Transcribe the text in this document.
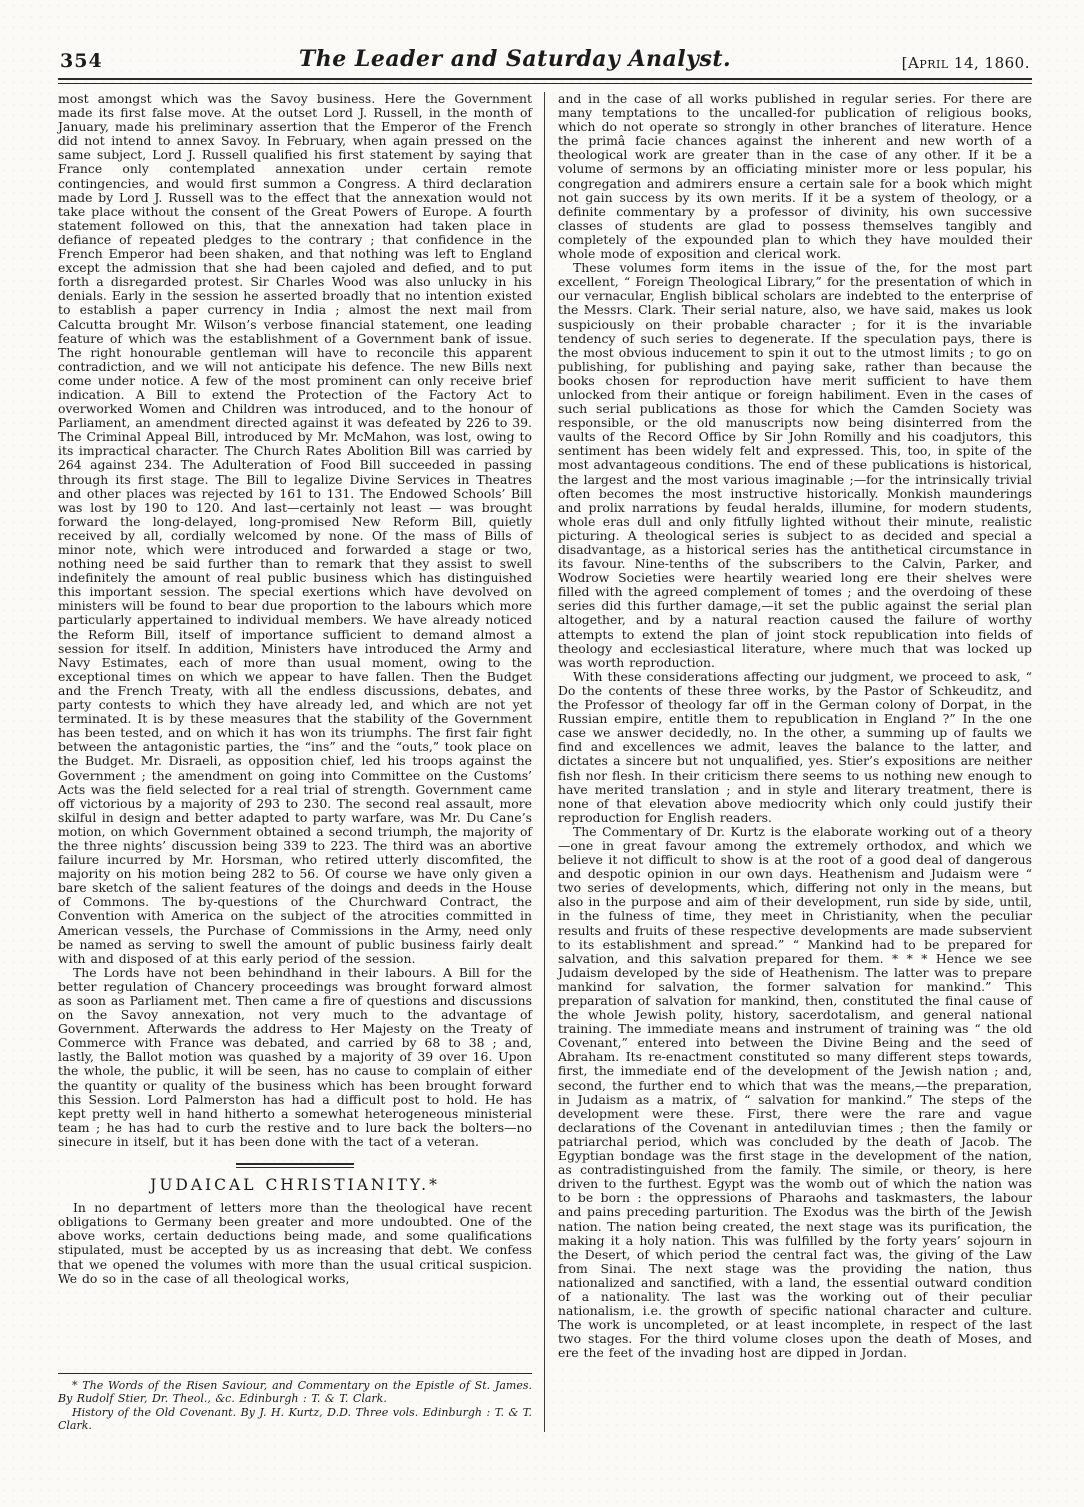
354	The Leader and Saturday Analyst.	[April 14, 1860.

most amongst which was the Savoy business. Here the Government made its first false move. At the outset Lord J. Russell, in the month of January, made his preliminary assertion that the Emperor of the French did not intend to annex Savoy. In February, when again pressed on the same subject, Lord J. Russell qualified his first statement by saying that France only contemplated annexation under certain remote contingencies, and would first summon a Congress. A third declaration made by Lord J. Russell was to the effect that the annexation would not take place without the consent of the Great Powers of Europe. A fourth statement followed on this, that the annexation had taken place in defiance of repeated pledges to the contrary ; that confidence in the French Emperor had been shaken, and that nothing was left to England except the admission that she had been cajoled and defied, and to put forth a disregarded protest. Sir Charles Wood was also unlucky in his denials. Early in the session he asserted broadly that no intention existed to establish a paper currency in India ; almost the next mail from Calcutta brought Mr. Wilson’s verbose financial statement, one leading feature of which was the establishment of a Government bank of issue. The right honourable gentleman will have to reconcile this apparent contradiction, and we will not anticipate his defence. The new Bills next come under notice. A few of the most prominent can only receive brief indication. A Bill to extend the Protection of the Factory Act to overworked Women and Children was introduced, and to the honour of Parliament, an amendment directed against it was defeated by 226 to 39. The Criminal Appeal Bill, introduced by Mr. McMahon, was lost, owing to its impractical character. The Church Rates Abolition Bill was carried by 264 against 234. The Adulteration of Food Bill succeeded in passing through its first stage. The Bill to legalize Divine Services in Theatres and other places was rejected by 161 to 131. The Endowed Schools’ Bill was lost by 190 to 120. And last—certainly not least — was brought forward the long-delayed, long-promised New Reform Bill, quietly received by all, cordially welcomed by none. Of the mass of Bills of minor note, which were introduced and forwarded a stage or two, nothing need be said further than to remark that they assist to swell indefinitely the amount of real public business which has distinguished this important session. The special exertions which have devolved on ministers will be found to bear due proportion to the labours which more particularly appertained to individual members. We have already noticed the Reform Bill, itself of importance sufficient to demand almost a session for itself. In addition, Ministers have introduced the Army and Navy Estimates, each of more than usual moment, owing to the exceptional times on which we appear to have fallen. Then the Budget and the French Treaty, with all the endless discussions, debates, and party contests to which they have already led, and which are not yet terminated. It is by these measures that the stability of the Government has been tested, and on which it has won its triumphs. The first fair fight between the antagonistic parties, the “ins” and the “outs,” took place on the Budget. Mr. Disraeli, as opposition chief, led his troops against the Government ; the amendment on going into Committee on the Customs’ Acts was the field selected for a real trial of strength. Government came off victorious by a majority of 293 to 230. The second real assault, more skilful in design and better adapted to party warfare, was Mr. Du Cane’s motion, on which Government obtained a second triumph, the majority of the three nights’ discussion being 339 to 223. The third was an abortive failure incurred by Mr. Horsman, who retired utterly discomfited, the majority on his motion being 282 to 56. Of course we have only given a bare sketch of the salient features of the doings and deeds in the House of Commons. The by-questions of the Churchward Contract, the Convention with America on the subject of the atrocities committed in American vessels, the Purchase of Commissions in the Army, need only be named as serving to swell the amount of public business fairly dealt with and disposed of at this early period of the session.

The Lords have not been behindhand in their labours. A Bill for the better regulation of Chancery proceedings was brought forward almost as soon as Parliament met. Then came a fire of questions and discussions on the Savoy annexation, not very much to the advantage of Government. Afterwards the address to Her Majesty on the Treaty of Commerce with France was debated, and carried by 68 to 38 ; and, lastly, the Ballot motion was quashed by a majority of 39 over 16. Upon the whole, the public, it will be seen, has no cause to complain of either the quantity or quality of the business which has been brought forward this Session. Lord Palmerston has had a difficult post to hold. He has kept pretty well in hand hitherto a somewhat heterogeneous ministerial team ; he has had to curb the restive and to lure back the bolters—no sinecure in itself, but it has been done with the tact of a veteran.

JUDAICAL CHRISTIANITY.*

In no department of letters more than the theological have recent obligations to Germany been greater and more undoubted. One of the above works, certain deductions being made, and some qualifications stipulated, must be accepted by us as increasing that debt. We confess that we opened the volumes with more than the usual critical suspicion. We do so in the case of all theological works,

* The Words of the Risen Saviour, and Commentary on the Epistle of St. James. By Rudolf Stier, Dr. Theol., &c. Edinburgh : T. & T. Clark.

History of the Old Covenant. By J. H. Kurtz, D.D. Three vols. Edinburgh : T. & T. Clark.

and in the case of all works published in regular series. For there are many temptations to the uncalled-for publication of religious books, which do not operate so strongly in other branches of literature. Hence the primâ facie chances against the inherent and new worth of a theological work are greater than in the case of any other. If it be a volume of sermons by an officiating minister more or less popular, his congregation and admirers ensure a certain sale for a book which might not gain success by its own merits. If it be a system of theology, or a definite commentary by a professor of divinity, his own successive classes of students are glad to possess themselves tangibly and completely of the expounded plan to which they have moulded their whole mode of exposition and clerical work.

These volumes form items in the issue of the, for the most part excellent, “ Foreign Theological Library,” for the presentation of which in our vernacular, English biblical scholars are indebted to the enterprise of the Messrs. Clark. Their serial nature, also, we have said, makes us look suspiciously on their probable character ; for it is the invariable tendency of such series to degenerate. If the speculation pays, there is the most obvious inducement to spin it out to the utmost limits ; to go on publishing, for publishing and paying sake, rather than because the books chosen for reproduction have merit sufficient to have them unlocked from their antique or foreign habiliment. Even in the cases of such serial publications as those for which the Camden Society was responsible, or the old manuscripts now being disinterred from the vaults of the Record Office by Sir John Romilly and his coadjutors, this sentiment has been widely felt and expressed. This, too, in spite of the most advantageous conditions. The end of these publications is historical, the largest and the most various imaginable ;—for the intrinsically trivial often becomes the most instructive historically. Monkish maunderings and prolix narrations by feudal heralds, illumine, for modern students, whole eras dull and only fitfully lighted without their minute, realistic picturing. A theological series is subject to as decided and special a disadvantage, as a historical series has the antithetical circumstance in its favour. Nine-tenths of the subscribers to the Calvin, Parker, and Wodrow Societies were heartily wearied long ere their shelves were filled with the agreed complement of tomes ; and the overdoing of these series did this further damage,—it set the public against the serial plan altogether, and by a natural reaction caused the failure of worthy attempts to extend the plan of joint stock republication into fields of theology and ecclesiastical literature, where much that was locked up was worth reproduction.

With these considerations affecting our judgment, we proceed to ask, “ Do the contents of these three works, by the Pastor of Schkeuditz, and the Professor of theology far off in the German colony of Dorpat, in the Russian empire, entitle them to republication in England ?” In the one case we answer decidedly, no. In the other, a summing up of faults we find and excellences we admit, leaves the balance to the latter, and dictates a sincere but not unqualified, yes. Stier’s expositions are neither fish nor flesh. In their criticism there seems to us nothing new enough to have merited translation ; and in style and literary treatment, there is none of that elevation above mediocrity which only could justify their reproduction for English readers.

The Commentary of Dr. Kurtz is the elaborate working out of a theory—one in great favour among the extremely orthodox, and which we believe it not difficult to show is at the root of a good deal of dangerous and despotic opinion in our own days. Heathenism and Judaism were “ two series of developments, which, differing not only in the means, but also in the purpose and aim of their development, run side by side, until, in the fulness of time, they meet in Christianity, when the peculiar results and fruits of these respective developments are made subservient to its establishment and spread.” “ Mankind had to be prepared for salvation, and this salvation prepared for them. * * * Hence we see Judaism developed by the side of Heathenism. The latter was to prepare mankind for salvation, the former salvation for mankind.” This preparation of salvation for mankind, then, constituted the final cause of the whole Jewish polity, history, sacerdotalism, and general national training. The immediate means and instrument of training was “ the old Covenant,” entered into between the Divine Being and the seed of Abraham. Its re-enactment constituted so many different steps towards, first, the immediate end of the development of the Jewish nation ; and, second, the further end to which that was the means,—the preparation, in Judaism as a matrix, of “ salvation for mankind.” The steps of the development were these. First, there were the rare and vague declarations of the Covenant in antediluvian times ; then the family or patriarchal period, which was concluded by the death of Jacob. The Egyptian bondage was the first stage in the development of the nation, as contradistinguished from the family. The simile, or theory, is here driven to the furthest. Egypt was the womb out of which the nation was to be born : the oppressions of Pharaohs and taskmasters, the labour and pains preceding parturition. The Exodus was the birth of the Jewish nation. The nation being created, the next stage was its purification, the making it a holy nation. This was fulfilled by the forty years’ sojourn in the Desert, of which period the central fact was, the giving of the Law from Sinai. The next stage was the providing the nation, thus nationalized and sanctified, with a land, the essential outward condition of a nationality. The last was the working out of their peculiar nationalism, i.e. the growth of specific national character and culture. The work is uncompleted, or at least incomplete, in respect of the last two stages. For the third volume closes upon the death of Moses, and ere the feet of the invading host are dipped in Jordan.
